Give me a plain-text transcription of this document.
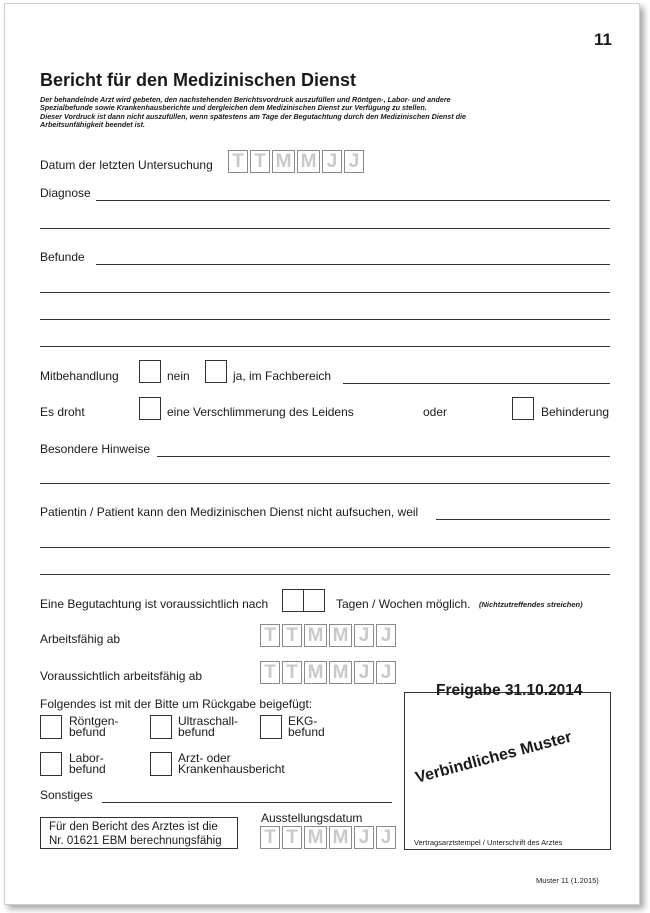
11
Bericht für den Medizinischen Dienst
Der behandelnde Arzt wird gebeten, den nachstehenden Berichtsvordruck auszufüllen und Röntgen-, Labor- und andere
Spezialbefunde sowie Krankenhausberichte und dergleichen dem Medizinischen Dienst zur Verfügung zu stellen.
Dieser Vordruck ist dann nicht auszufüllen, wenn spätestens am Tage der Begutachtung durch den Medizinischen Dienst die
Arbeitsunfähigkeit beendet ist.
Datum der letzten Untersuchung T T M M J J
Diagnose
Befunde
Mitbehandlung	nein	ja, im Fachbereich
Es droht	eine Verschlimmerung des Leidens	oder	Behinderung
Besondere Hinweise
Patientin / Patient kann den Medizinischen Dienst nicht aufsuchen, weil
Eine Begutachtung ist voraussichtlich nach	Tagen / Wochen möglich. (Nichtzutreffendes streichen)
Arbeitsfähig ab	T T M M J J
Voraussichtlich arbeitsfähig ab	T T M M J J
Folgendes ist mit der Bitte um Rückgabe beigefügt:
Röntgen-
befund
Ultraschall-
befund
EKG-
befund
Labor-
befund
Arzt- oder
Krankenhausbericht
Sonstiges
Für den Bericht des Arztes ist die
Nr. 01621 EBM berechnungsfähig
Ausstellungsdatum
T T M M J J
Freigabe 31.10.2014
Verbindliches Muster
Vertragsarztstempel / Unterschrift des Arztes
Muster 11 (1.2015)
